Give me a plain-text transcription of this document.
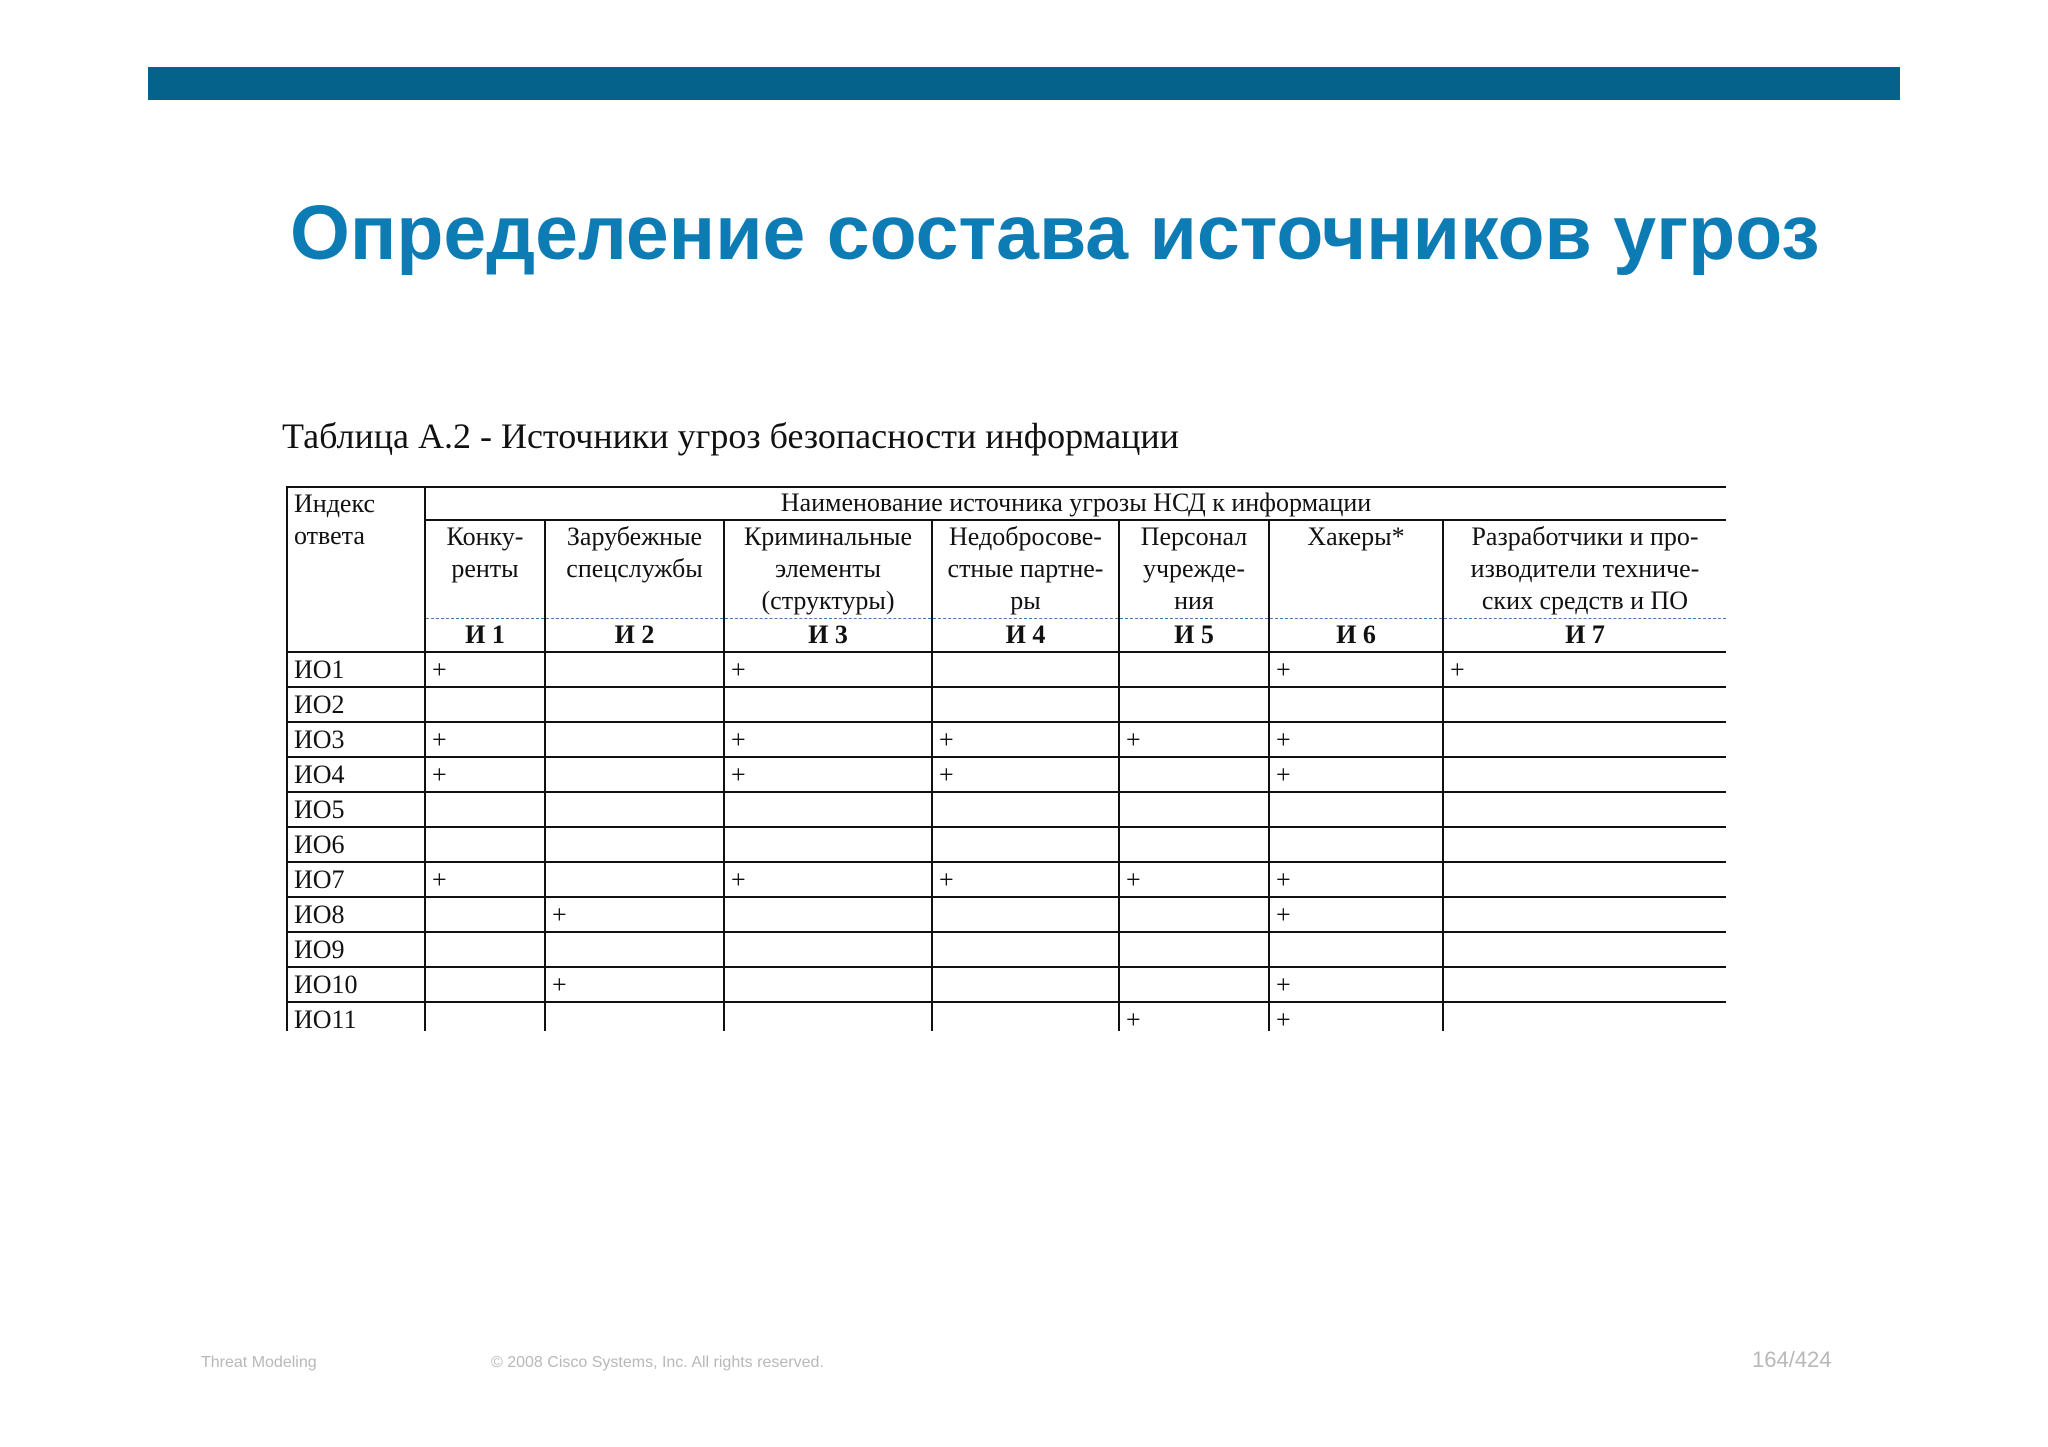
Определение состава источников угроз
Таблица А.2 - Источники угроз безопасности информации
Индекс ответа	Наименование источника угрозы НСД к информации						
	Конку-ренты	Зарубежные спецслужбы	Криминальные элементы (структуры)	Недобросове-стные партне-ры	Персонал учрежде-ния	Хакеры*	Разработчики и про-изводители техниче-ских средств и ПО
	И 1	И 2	И 3	И 4	И 5	И 6	И 7
ИО1	+		+			+	+
ИО2							
ИО3	+		+	+	+	+	
ИО4	+		+	+		+	
ИО5							
ИО6							
ИО7	+		+	+	+	+	
ИО8		+				+	
ИО9							
ИО10		+				+	
ИО11					+	+	
Threat Modeling	© 2008 Cisco Systems, Inc. All rights reserved.	164/424
